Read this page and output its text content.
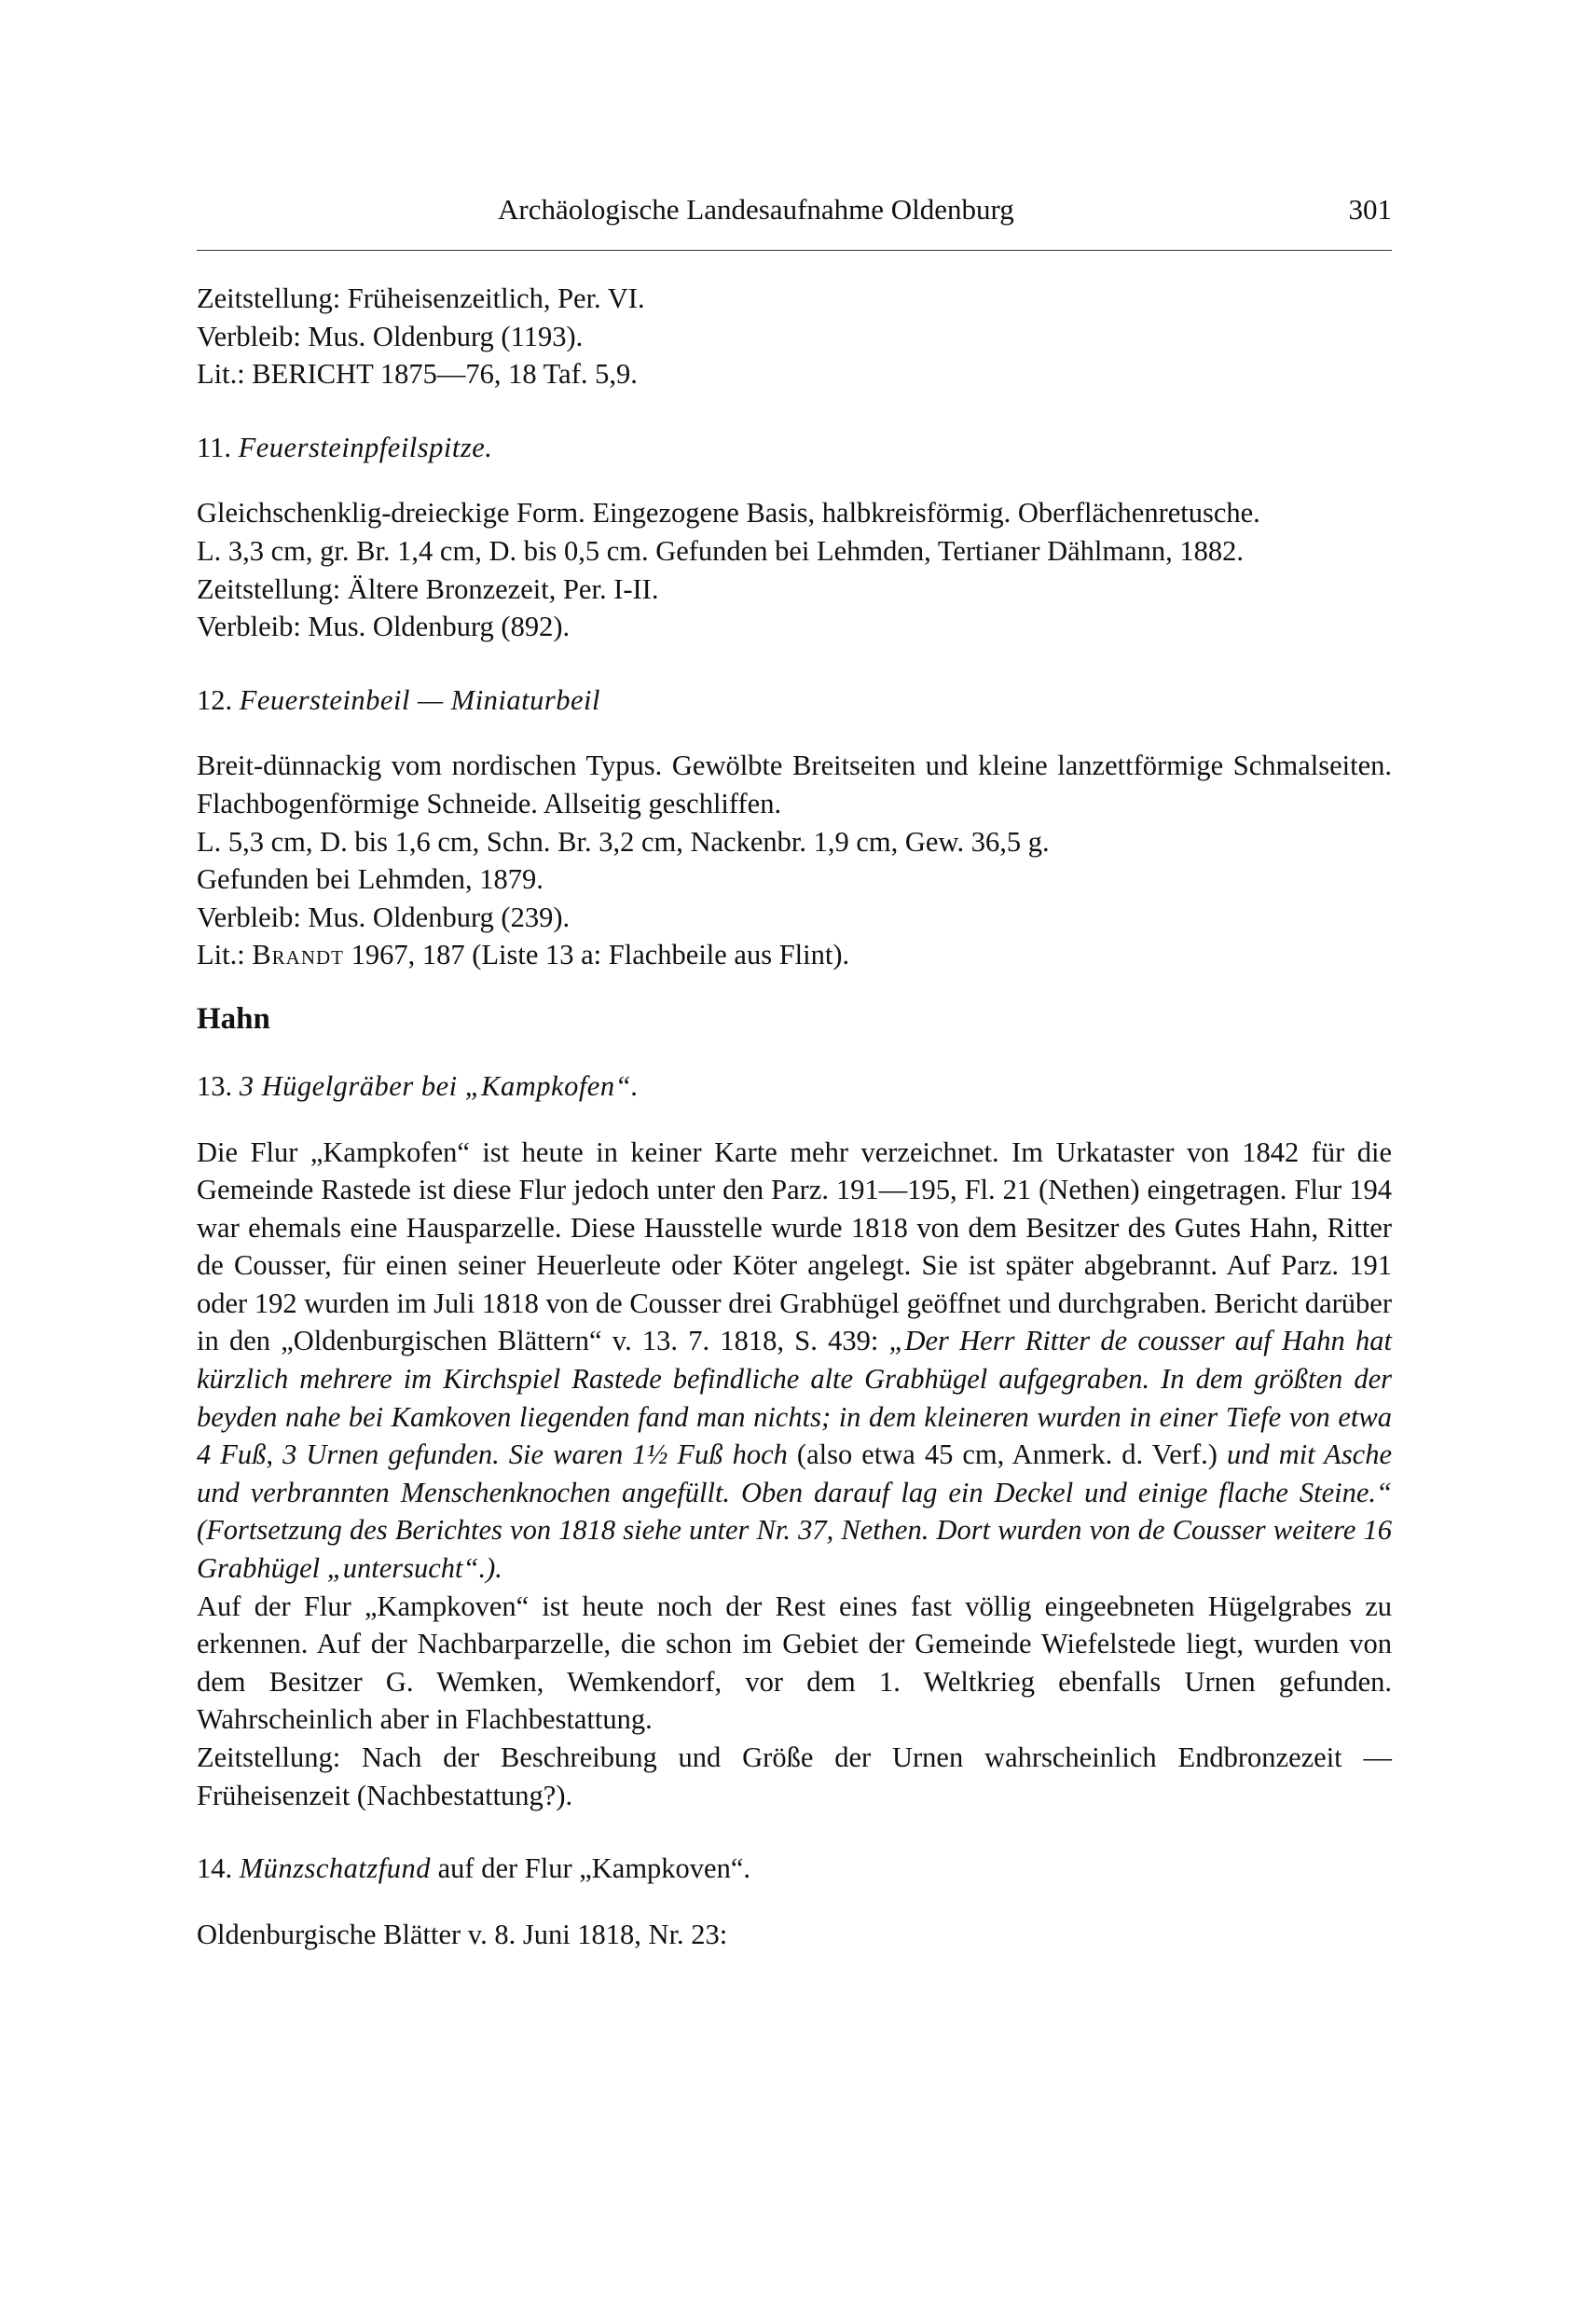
Archäologische Landesaufnahme Oldenburg	301

Zeitstellung: Früheisenzeitlich, Per. VI.

Verbleib: Mus. Oldenburg (1193).

Lit.: BERICHT 1875—76, 18 Taf. 5,9.

11. Feuersteinpfeilspitze.

Gleichschenklig-dreieckige Form. Eingezogene Basis, halbkreisförmig. Oberflächenretusche.

L. 3,3 cm, gr. Br. 1,4 cm, D. bis 0,5 cm. Gefunden bei Lehmden, Tertianer Dählmann, 1882.

Zeitstellung: Ältere Bronzezeit, Per. I-II.

Verbleib: Mus. Oldenburg (892).

12. Feuersteinbeil — Miniaturbeil

Breit-dünnackig vom nordischen Typus. Gewölbte Breitseiten und kleine lanzettförmige Schmalseiten. Flachbogenförmige Schneide. Allseitig geschliffen.

L. 5,3 cm, D. bis 1,6 cm, Schn. Br. 3,2 cm, Nackenbr. 1,9 cm, Gew. 36,5 g.

Gefunden bei Lehmden, 1879.

Verbleib: Mus. Oldenburg (239).

Lit.: Brandt 1967, 187 (Liste 13 a: Flachbeile aus Flint).

Hahn
13. 3 Hügelgräber bei „Kampkofen“.

Die Flur „Kampkofen“ ist heute in keiner Karte mehr verzeichnet. Im Urkataster von 1842 für die Gemeinde Rastede ist diese Flur jedoch unter den Parz. 191—195, Fl. 21 (Nethen) eingetragen. Flur 194 war ehemals eine Hausparzelle. Diese Hausstelle wurde 1818 von dem Besitzer des Gutes Hahn, Ritter de Cousser, für einen seiner Heuerleute oder Köter angelegt. Sie ist später abgebrannt. Auf Parz. 191 oder 192 wurden im Juli 1818 von de Cousser drei Grabhügel geöffnet und durchgraben. Bericht darüber in den „Oldenburgischen Blättern“ v. 13. 7. 1818, S. 439: „Der Herr Ritter de cousser auf Hahn hat kürzlich mehrere im Kirchspiel Rastede befindliche alte Grabhügel aufgegraben. In dem größten der beyden nahe bei Kamkoven liegenden fand man nichts; in dem kleineren wurden in einer Tiefe von etwa 4 Fuß, 3 Urnen gefunden. Sie waren 1½ Fuß hoch (also etwa 45 cm, Anmerk. d. Verf.) und mit Asche und verbrannten Menschenknochen angefüllt. Oben darauf lag ein Deckel und einige flache Steine.“ (Fortsetzung des Berichtes von 1818 siehe unter Nr. 37, Nethen. Dort wurden von de Cousser weitere 16 Grabhügel „untersucht“.).

Auf der Flur „Kampkoven“ ist heute noch der Rest eines fast völlig eingeebneten Hügelgrabes zu erkennen. Auf der Nachbarparzelle, die schon im Gebiet der Gemeinde Wiefelstede liegt, wurden von dem Besitzer G. Wemken, Wemkendorf, vor dem 1. Weltkrieg ebenfalls Urnen gefunden. Wahrscheinlich aber in Flachbestattung.

Zeitstellung: Nach der Beschreibung und Größe der Urnen wahrscheinlich Endbronzezeit — Früheisenzeit (Nachbestattung?).

14. Münzschatzfund auf der Flur „Kampkoven“.

Oldenburgische Blätter v. 8. Juni 1818, Nr. 23:
